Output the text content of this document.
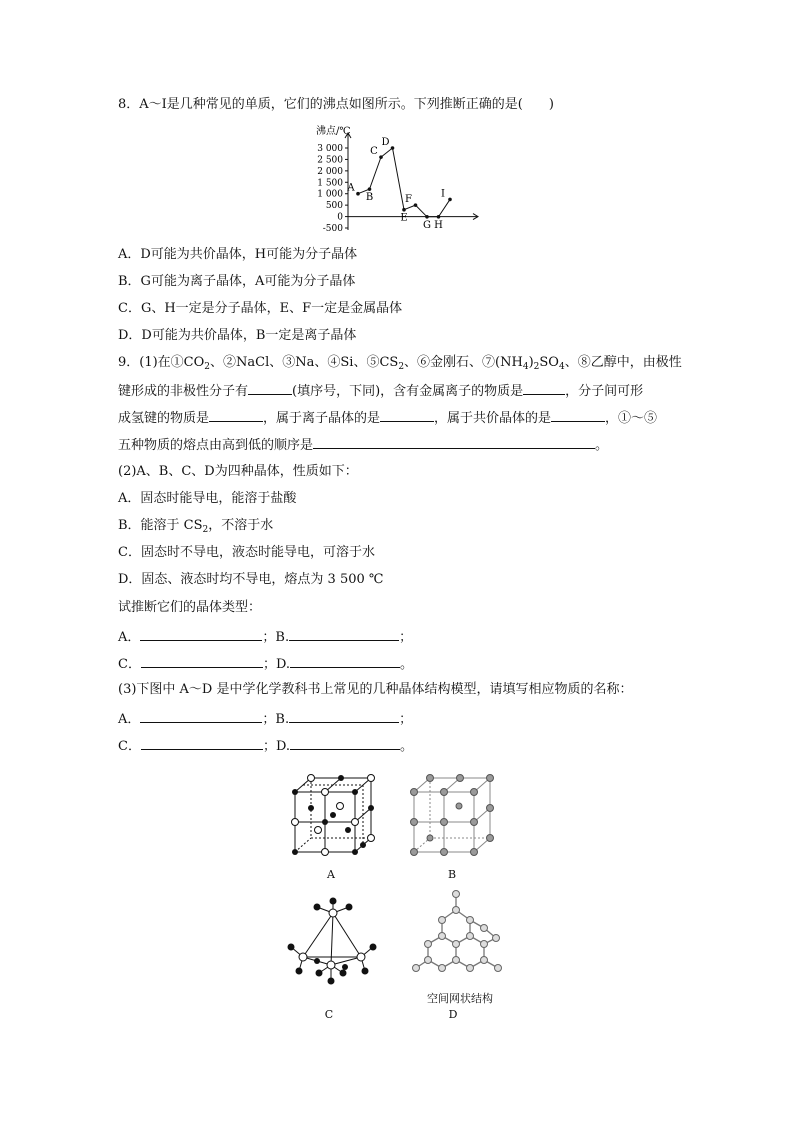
8．A～I是几种常见的单质，它们的沸点如图所示。下列推断正确的是(　　)
沸点/℃
3 000
2 500
2 000
1 500
1 000
500
0
-500
A
B
C
D
E
F
G H
I
A．D可能为共价晶体，H可能为分子晶体
B．G可能为离子晶体，A可能为分子晶体
C．G、H一定是分子晶体，E、F一定是金属晶体
D．D可能为共价晶体，B一定是离子晶体
9．(1)在$①CO_2$、②NaCl、③Na、④Si、$⑤CS_2$、⑥金刚石、$⑦(NH_4)_2SO_4$、⑧乙醇中，由极性
键形成的非极性分子有	(填序号，下同)，含有金属离子的物质是	，分子间可形
成氢键的物质是	，属于离子晶体的是	，属于共价晶体的是	，①～⑤
五种物质的熔点由高到低的顺序是	。
(2)A、B、C、D为四种晶体，性质如下：
A．固态时能导电，能溶于盐酸
B．能溶于 $CS_2$，不溶于水
C．固态时不导电，液态时能导电，可溶于水
D．固态、液态时均不导电，熔点为 3 500 ℃
试推断它们的晶体类型：
A．	；B.	；
C．	；D.	。
(3)下图中 A～D 是中学化学教科书上常见的几种晶体结构模型，请填写相应物质的名称：
A．	；B.	；
C．	；D.	。
A	B
C
空间网状结构
D
